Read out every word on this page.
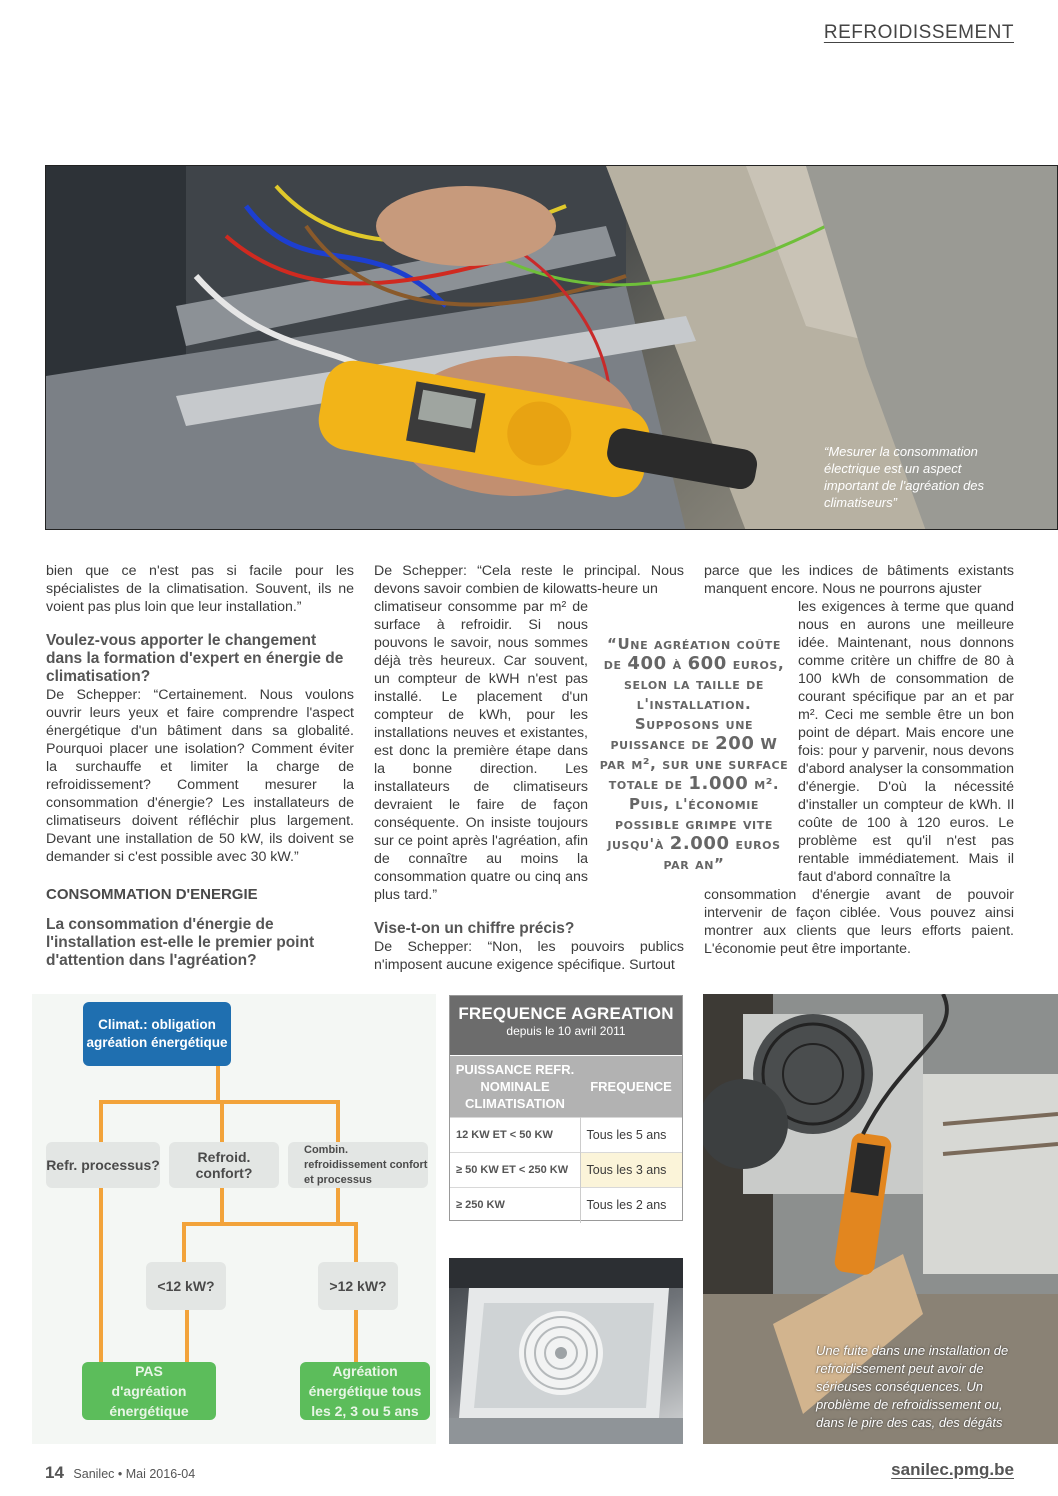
REFROIDISSEMENT
“Mesurer la consommation électrique est un aspect important de l'agréation des climatiseurs”

bien que ce n'est pas si facile pour les spécialistes de la climatisation. Souvent, ils ne voient pas plus loin que leur installation.”

Voulez-vous apporter le changement dans la formation d'expert en énergie de climatisation?

De Schepper: “Certainement. Nous voulons ouvrir leurs yeux et faire comprendre l'aspect énergétique d'un bâtiment dans sa globalité. Pourquoi placer une isolation? Comment éviter la surchauffe et limiter la charge de refroidissement? Comment mesurer la consommation d'énergie? Les installateurs de climatiseurs doivent réfléchir plus largement. Devant une installation de 50 kW, ils doivent se demander si c'est possible avec 30 kW.”

CONSOMMATION D'ENERGIE
La consommation d'énergie de l'installation est-elle le premier point d'attention dans l'agréation?

De Schepper: “Cela reste le principal. Nous devons savoir combien de kilowatts-heure un

climatiseur consomme par m² de surface à refroidir. Si nous pouvons le savoir, nous sommes déjà très heureux. Car souvent, un compteur de kWH n'est pas installé. Le placement d'un compteur de kWh, pour les installations neuves et existantes, est donc la première étape dans la bonne direction. Les installateurs de climatiseurs devraient le faire de façon conséquente. On insiste toujours sur ce point après l'agréation, afin de connaître au moins la consommation quatre ou cinq ans plus tard.”

Vise-t-on un chiffre précis?

De Schepper: “Non, les pouvoirs publics n'imposent aucune exigence spécifique. Surtout

“Une agréation coûte
de 400 à 600 euros,
selon la taille de l'installation.
Supposons une puissance de 200 W par m², sur une surface totale de 1.000 m². Puis, l'économie possible grimpe vite jusqu'à 2.000 euros par an”

parce que les indices de bâtiments existants manquent encore. Nous ne pourrons ajuster

les exigences à terme que quand nous en aurons une meilleure idée. Maintenant, nous donnons comme critère un chiffre de 80 à 100 kWh de consommation de courant spécifique par an et par m². Ceci me semble être un bon point de départ. Mais encore une fois: pour y parvenir, nous devons d'abord analyser la consommation d'énergie. D'où la nécessité d'installer un compteur de kWh. Il coûte de 100 à 120 euros. Le problème est qu'il n'est pas rentable immédiatement. Mais il faut d'abord connaître la

consommation d'énergie avant de pouvoir intervenir de façon ciblée. Vous pouvez ainsi montrer aux clients que leurs efforts paient. L'économie peut être importante.

Climat.: obligation agréation énergétique
Refr. processus?	Refroid. confort?
Combin. refroidissement confort et processus
<12 kW?	>12 kW?
PAS d'agréation énergétique
Agréation énergétique tous les 2, 3 ou 5 ans
FREQUENCE AGREATION
depuis le 10 avril 2011
PUISSANCE REFR. NOMINALE CLIMATISATION	FREQUENCE
12 KW ET < 50 KW	Tous les 5 ans
≥ 50 KW ET < 250 KW	Tous les 3 ans
≥ 250 KW	Tous les 2 ans
Une fuite dans une installation de refroidissement peut avoir de sérieuses conséquences. Un problème de refroidissement ou, dans le pire des cas, des dégâts
14 Sanilec • Mai 2016-04	sanilec.pmg.be
